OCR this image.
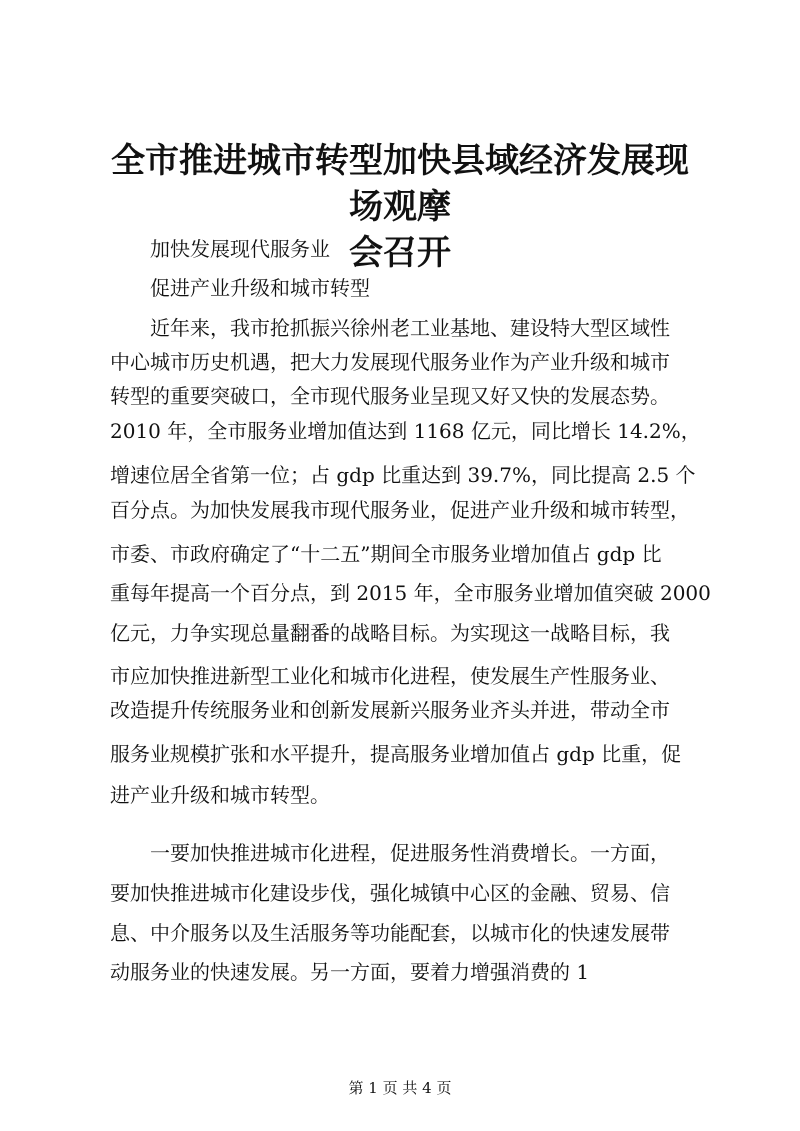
全市推进城市转型加快县域经济发展现场观摩
会召开

加快发展现代服务业

促进产业升级和城市转型

近年来，我市抢抓振兴徐州老工业基地、建设特大型区域性

中心城市历史机遇，把大力发展现代服务业作为产业升级和城市

转型的重要突破口，全市现代服务业呈现又好又快的发展态势。

2010 年，全市服务业增加值达到 1168 亿元，同比增长 14.2%，

增速位居全省第一位；占 gdp 比重达到 39.7%，同比提高 2.5 个

百分点。为加快发展我市现代服务业，促进产业升级和城市转型，

市委、市政府确定了“十二五”期间全市服务业增加值占 gdp 比

重每年提高一个百分点，到 2015 年，全市服务业增加值突破 2000

亿元，力争实现总量翻番的战略目标。为实现这一战略目标，我

市应加快推进新型工业化和城市化进程，使发展生产性服务业、

改造提升传统服务业和创新发展新兴服务业齐头并进，带动全市

服务业规模扩张和水平提升，提高服务业增加值占 gdp 比重，促

进产业升级和城市转型。

一要加快推进城市化进程，促进服务性消费增长。一方面，

要加快推进城市化建设步伐，强化城镇中心区的金融、贸易、信

息、中介服务以及生活服务等功能配套，以城市化的快速发展带

动服务业的快速发展。另一方面，要着力增强消费的 1

第 1 页 共 4 页
